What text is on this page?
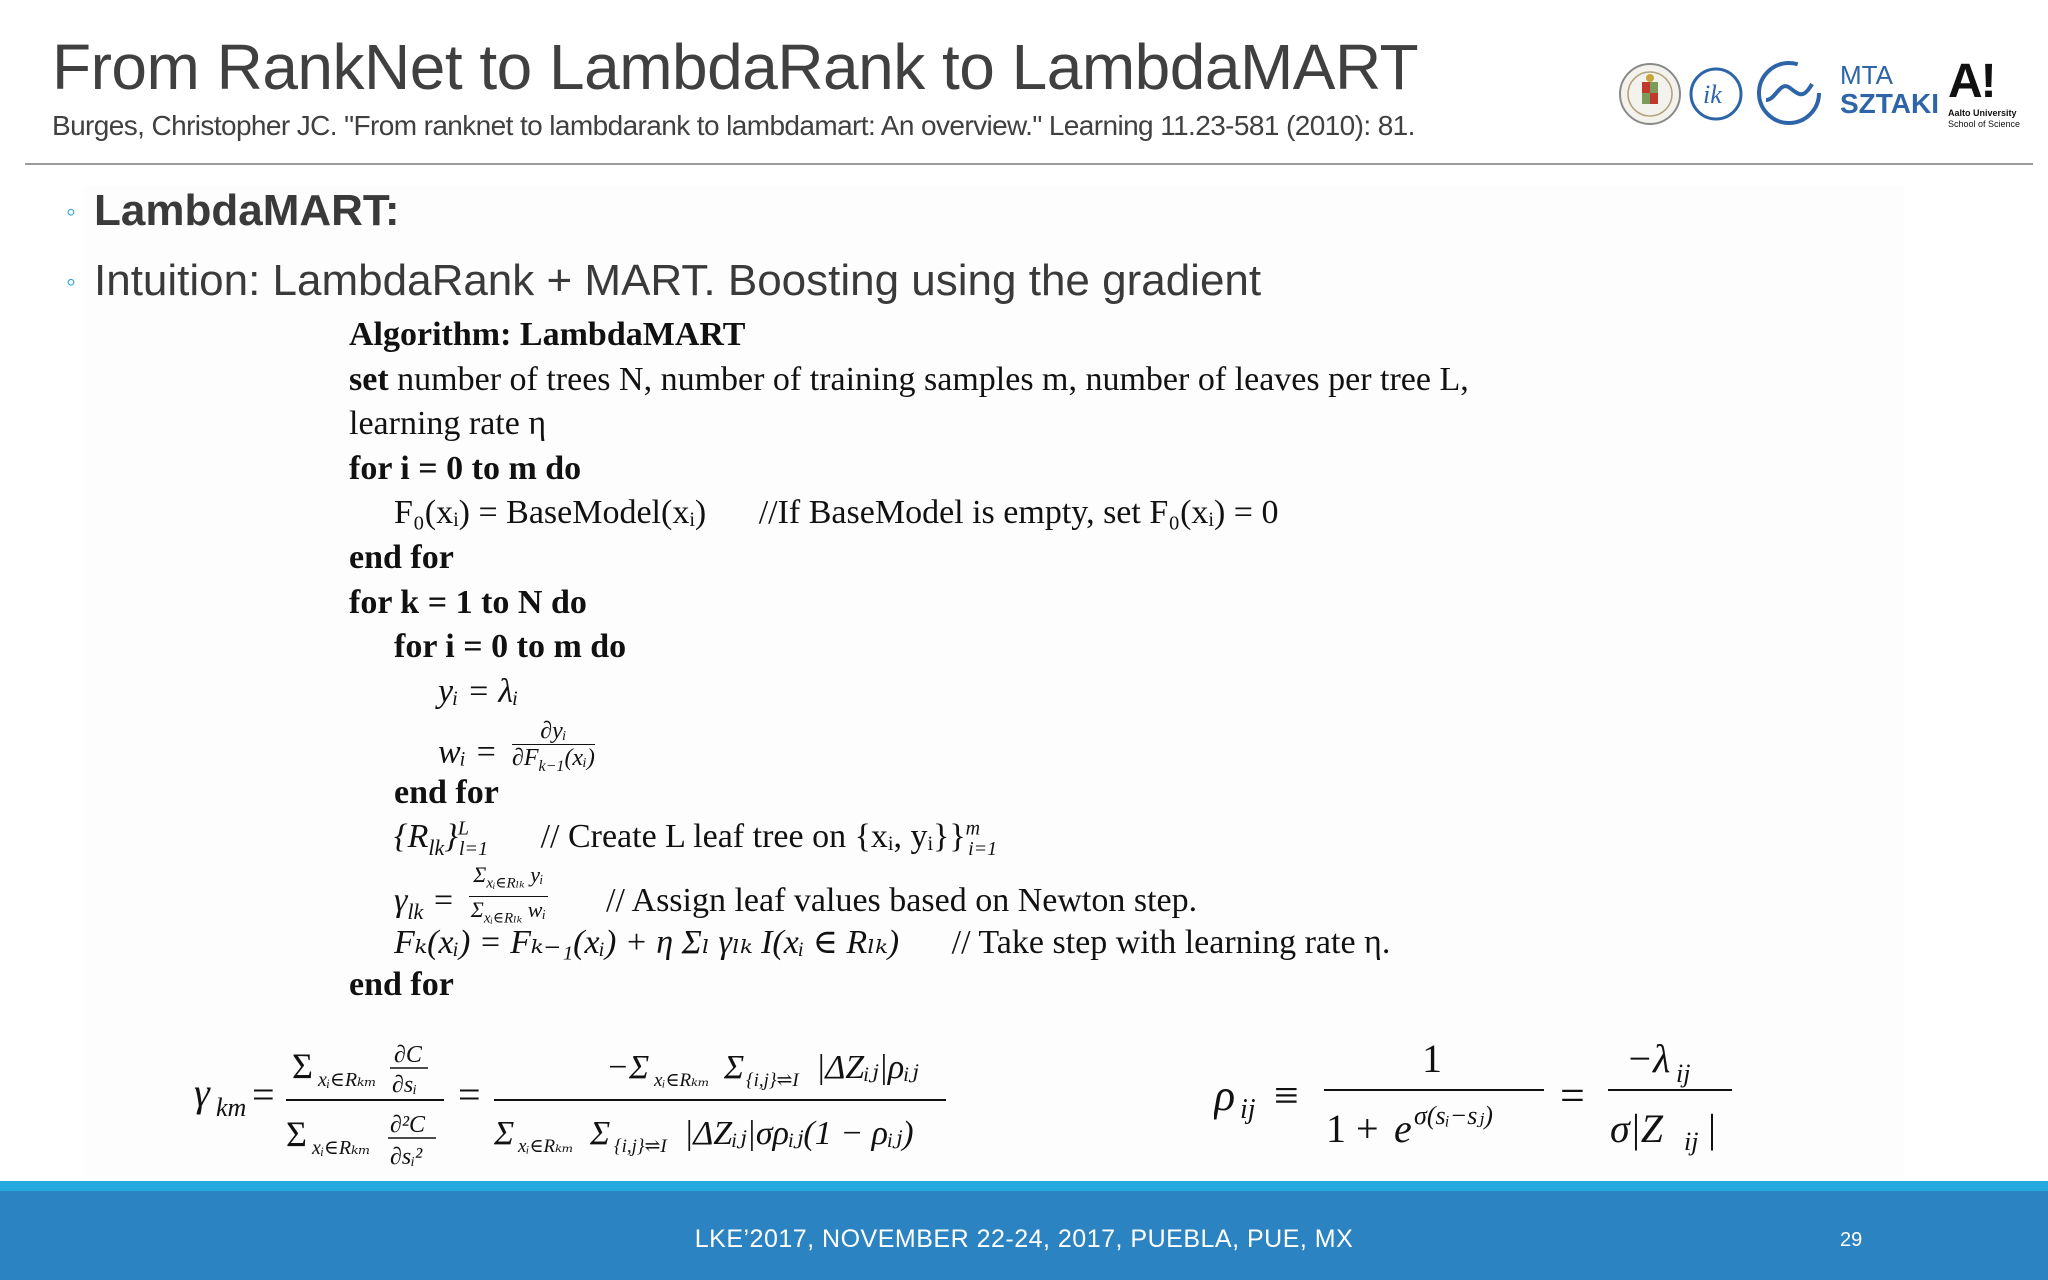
From RankNet to LambdaRank to LambdaMART
Burges, Christopher JC. "From ranknet to lambdarank to lambdamart: An overview." Learning 11.23-581 (2010): 81.
ik
MTA
SZTAKI A!
Aalto University
School of Science
Algorithm: LambdaMART
set number of trees N, number of training samples m, number of leaves per tree L,
learning rate η
for i = 0 to m do
F₀(xᵢ) = BaseModel(xᵢ) //If BaseModel is empty, set F₀(xᵢ) = 0
end for
for k = 1 to N do
for i = 0 to m do
yᵢ = λᵢ
wᵢ = $\frac{\text{∂yᵢ}}{\partial F_{k-1}(xᵢ)}$
end for
$\{R_{lk}\}^L_{l=1}$ // Create L leaf tree on {xᵢ, yᵢ}}$^m_{i=1}$
$\gamma_{lk}$ =
$\Sigma_{xᵢ\in R_{lk}}$ yᵢ
$\Sigma_{xᵢ\in R_{lk}}$ wᵢ // Assign leaf values based on Newton step.
Fₖ(xᵢ) = Fₖ₋₁(xᵢ) + η Σₗ γₗₖ I(xᵢ ∈ Rₗₖ) // Take step with learning rate η.
end for
γ km =
Σ xᵢ∈Rₖₘ
∂C
∂sᵢ
Σ xᵢ∈Rₖₘ
∂²C
∂sᵢ²
=
−Σ xᵢ∈Rₖₘ Σ {i,j}⇌I |ΔZᵢⱼ|ρᵢⱼ
Σ xᵢ∈Rₖₘ Σ {i,j}⇌I |ΔZᵢⱼ|σρᵢⱼ(1 − ρᵢⱼ)
ρ ij ≡
1
1 + e σ(sᵢ−sⱼ) =
−λ ij
σ|Z ij |
◦ LambdaMART:
◦ Intuition: LambdaRank + MART. Boosting using the gradient
LKE’2017, NOVEMBER 22-24, 2017, PUEBLA, PUE, MX	29
